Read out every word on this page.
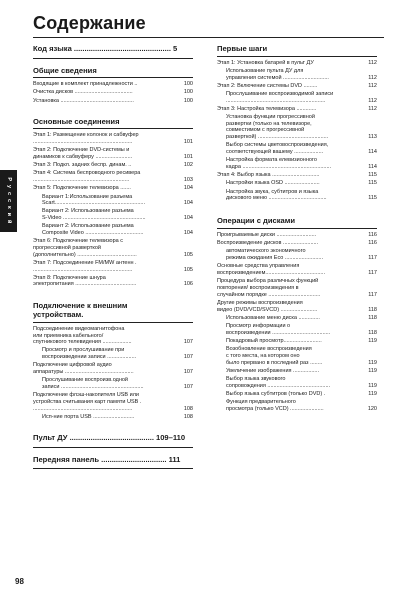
Содержание
Р у с с к и й
Код языка .............................................. 5
Общие сведения
Входящие в комплект принадлежности ..	100
Очистка дисков ......................................	100
Установка ................................................	100
Основные соединения
Этап 1: Размещение колонок и сабвуфер
.................................................................	101
Этап 2: Подключение DVD-системы и
динамиков к сабвуферу ........................	101
Этап 3: Подкл. задних беспр. динам. ..	102
Этап 4: Система беспроводного ресивера
...............................................................	103
Этап 5: Подключение телевизора .......	104
Вариант 1:Использование разъема
Scart...........................................................	104
Вариант 2: Использование разъема
S-Video ......................................................	104
Вариант 2: Использование разъема
Composite Video ......................................	104
Этап 6: Подключение телевизора с
прогрессивной разверткой
(дополнительно) .......................................	105
Этап 7: Подсоединение FM/MW антенн .
.................................................................	105
Этап 8: Подключение шнура
электропитания ........................................	106
Подключение к внешним
устройствам.
Подсоединение видеомагнитофона
или приемника кабельного/
спутникового телевидения ...................	107
Просмотр и прослушивание при
воспроизведении записи ...................	107
Подключение цифровой аудио
аппаратуры .............................................	107
Прослушивание воспроизв.одной
записи ......................................................	107
Подключение флэш-накопителя USB или
устройства считывания карт памяти USB .
.................................................................	108
Исп-ние порта USB ...........................	108
Пульт ДУ ........................................ 109–110
Передняя панель ............................... 111
Первые шаги
Этап 1: Установка батарей в пульт ДУ	112
Использование пульта ДУ для
управления системой ..............................	112
Этап 2: Включение системы DVD .........	112
Прослушивание воспроизводимой записи
.................................................................	112
Этап 3: Настройка телевизора .............	112
Установка функции прогрессивной
развертки (только на телевизоре,
совместимом с прогрессивной
разверткой) ..............................................	113
Выбор системы цветовоспроизведения,
соответствующей вашему ...................	114
Настройка формата елевизионного
кадра ..........................................................	114
Этап 4: Выбор языка ...............................	115
Настройки языка OSD .......................	115
Настройка звука, субтитров и языка
дискового меню ......................................	115
Операции с дисками
Проигрываемые диски ..........................	116
Воспроизведение дисков .......................	116
автоматического экономичного
режима ожидания Eco .........................	117
Основные средства управления
воспроизведением.......................................	117
Процедура выбора различных функций
повторения/ воспроизведения в
случайном порядке ..................................	117
Другие режимы воспроизведения
видео (DVD/VCD/SVCD) ........................	118
Использование меню диска ..............	118
Просмотр информации о
воспроизведении ......................................	118
Покадровый просмотр.........................	119
Возобновление воспроизведения
с того места, на котором оно
было прервано в последний раз ........	119
Увеличение изображения .................	119
Выбор языка звукового
сопровождения .........................................	119
Выбор языка субтитров (только DVD) .	119
Функция предварительного
просмотра (только VCD) ......................	120
98
